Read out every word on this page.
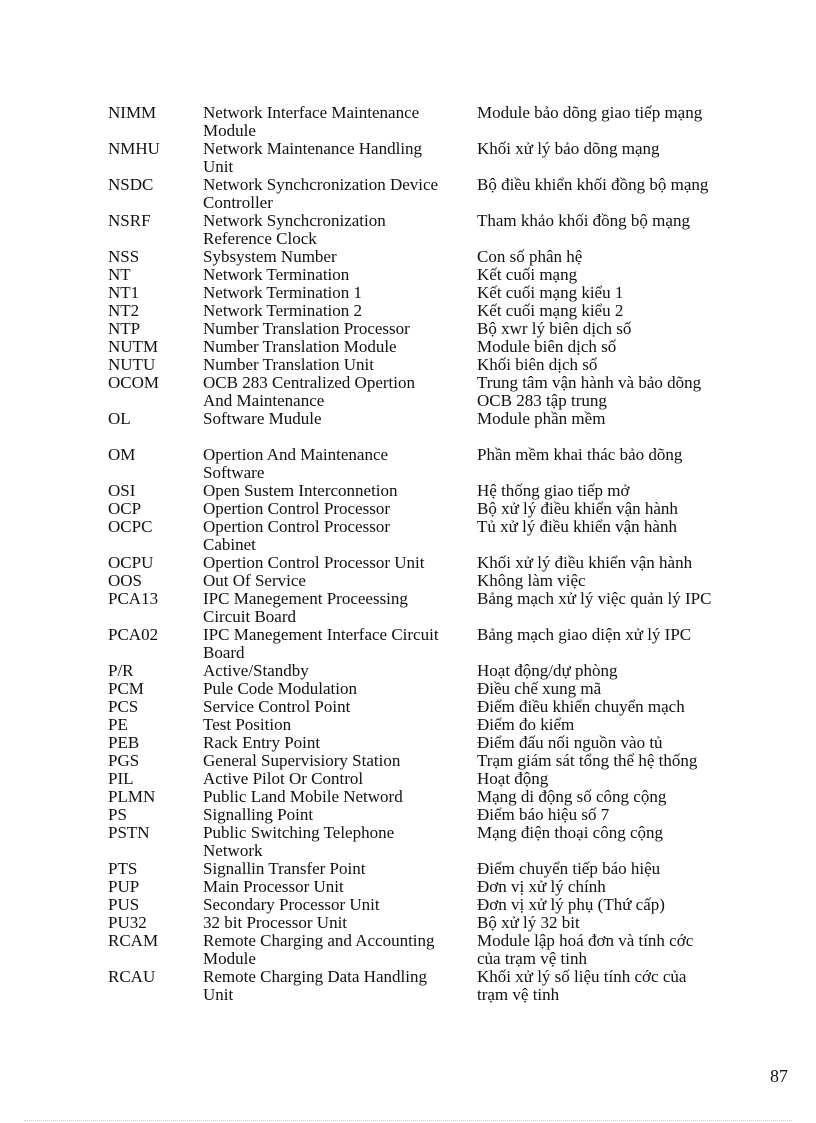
NIMM	Network Interface Maintenance	Module bảo dõng giao tiếp mạng
Module
NMHU	Network Maintenance Handling	Khối xử lý bảo dõng mạng
Unit
NSDC	Network Synchcronization Device	Bộ điều khiển khối đồng bộ mạng
Controller
NSRF	Network Synchcronization	Tham khảo khối đồng bộ mạng
Reference Clock
NSS	Sybsystem Number	Con số phân hệ
NT	Network Termination	Kết cuối mạng
NT1	Network Termination 1	Kết cuối mạng kiểu 1
NT2	Network Termination 2	Kết cuối mạng kiểu 2
NTP	Number Translation Processor	Bộ xwr lý biên dịch số
NUTM	Number Translation Module	Module biên dịch số
NUTU	Number Translation Unit	Khối biên dịch số
OCOM	OCB 283 Centralized Opertion	Trung tâm vận hành và bảo dõng
And Maintenance	OCB 283 tập trung
OL	Software Mudule	Module phần mềm
OM	Opertion And Maintenance	Phần mềm khai thác bảo dõng
Software
OSI	Open Sustem Interconnetion	Hệ thống giao tiếp mở
OCP	Opertion Control Processor	Bộ xử lý điều khiển vận hành
OCPC	Opertion Control Processor	Tủ xử lý điều khiển vận hành
Cabinet
OCPU	Opertion Control Processor Unit	Khối xử lý điều khiển vận hành
OOS	Out Of Service	Không làm việc
PCA13	IPC Manegement Proceessing	Bảng mạch xử lý việc quản lý IPC
Circuit Board
PCA02	IPC Manegement Interface Circuit	Bảng mạch giao diện xử lý IPC
Board
P/R	Active/Standby	Hoạt động/dự phòng
PCM	Pule Code Modulation	Điều chế xung mã
PCS	Service Control Point	Điểm điều khiển chuyển mạch
PE	Test Position	Điểm đo kiểm
PEB	Rack Entry Point	Điểm đấu nối nguồn vào tủ
PGS	General Supervisiory Station	Trạm giám sát tổng thể hệ thống
PIL	Active Pilot Or Control	Hoạt động
PLMN	Public Land Mobile Netword	Mạng di động số công cộng
PS	Signalling Point	Điểm báo hiệu số 7
PSTN	Public Switching Telephone	Mạng điện thoại công cộng
Network
PTS	Signallin Transfer Point	Điểm chuyển tiếp báo hiệu
PUP	Main Processor Unit	Đơn vị xử lý chính
PUS	Secondary Processor Unit	Đơn vị xử lý phụ (Thứ cấp)
PU32	32 bit Processor Unit	Bộ xử lý 32 bit
RCAM	Remote Charging and Accounting	Module lập hoá đơn và tính cớc
Module	của trạm vệ tinh
RCAU	Remote Charging Data Handling	Khối xử lý số liệu tính cớc của
Unit	trạm vệ tinh
87
